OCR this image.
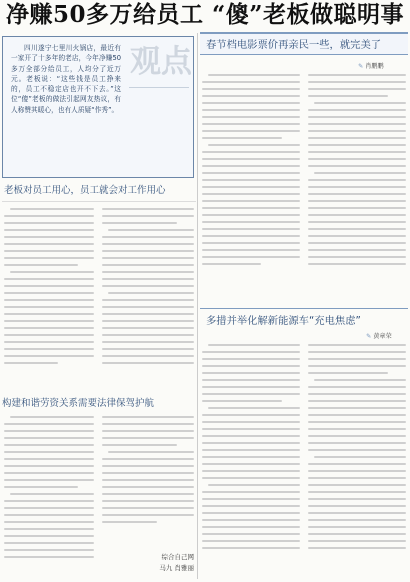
净赚50多万给员工 “傻”老板做聪明事
四川遂宁七里川火锅店，最近有一家开了十多年的老店，今年净赚50多万全部分给员工，人均分了近万元。老板说：“这些钱是员工挣来的，员工不稳定店也开不下去。”这位“傻”老板的做法引起网友热议，有人称赞其暖心，也有人质疑“作秀”。
观点
老板对员工用心，员工就会对工作用心
构建和谐劳资关系需要法律保驾护航
综合自己网
马九 肖雅丽
春节档电影票价再亲民一些，就完美了
✎ 肖鹏鹏
多措并举化解新能源车“充电焦虑”
✎ 黄章荣
